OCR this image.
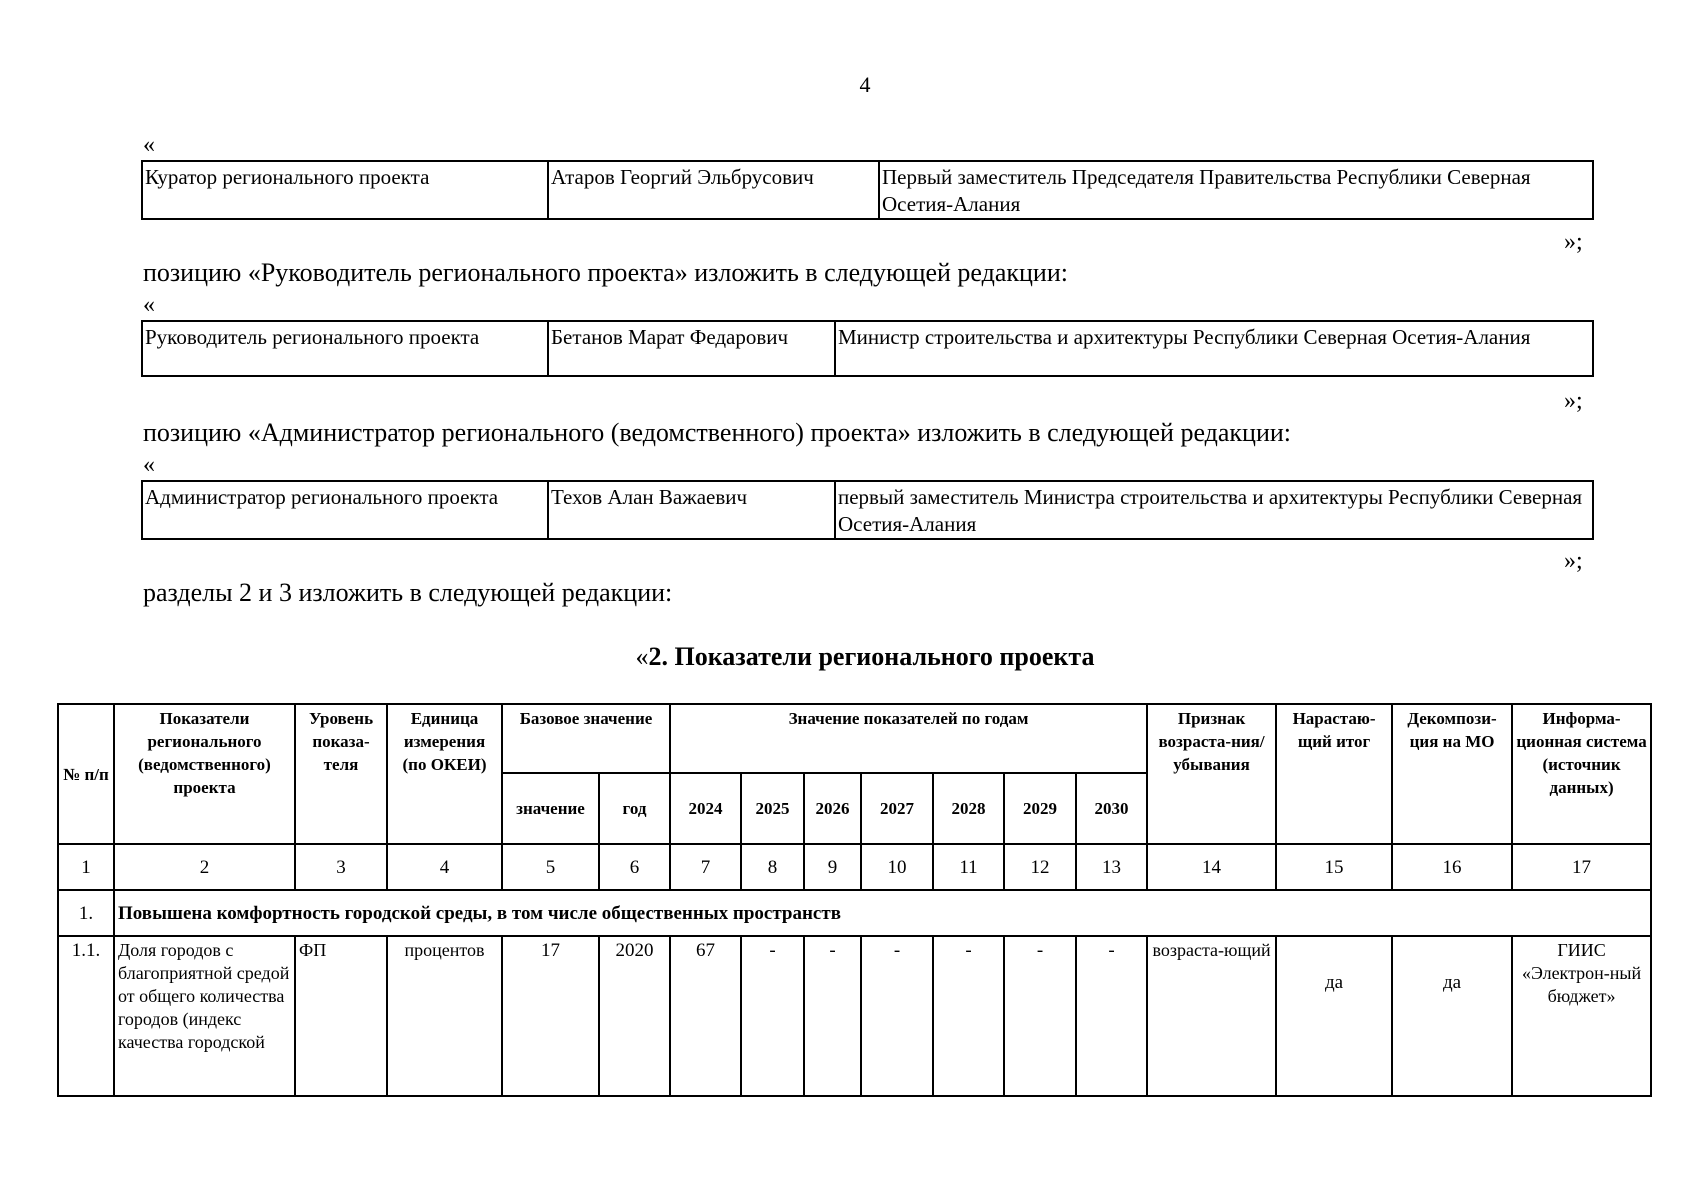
4
«
Куратор регионального проекта	Атаров Георгий Эльбрусович	Первый заместитель Председателя Правительства Республики Северная Осетия-Алания
»;
позицию «Руководитель регионального проекта» изложить в следующей редакции:
«
Руководитель регионального проекта	Бетанов Марат Федарович	Министр строительства и архитектуры Республики Северная Осетия-Алания
»;
позицию «Администратор регионального (ведомственного) проекта» изложить в следующей редакции:
«
Администратор регионального проекта	Техов Алан Важаевич	первый заместитель Министра строительства и архитектуры Республики Северная Осетия-Алания
»;
разделы 2 и 3 изложить в следующей редакции:
«2. Показатели регионального проекта
№ п/п	Показатели регионального (ведомственного) проекта	Уровень показа-теля	Единица измерения (по ОКЕИ)	Базовое значение		Значение показателей по годам							Признак возраста-ния/ убывания	Нарастаю-щий итог	Декомпози-ция на МО	Информа-ционная система (источник данных)
				значение	год	2024	2025	2026	2027	2028	2029	2030				
1	2	3	4	5	6	7	8	9	10	11	12	13	14	15	16	17
1.	Повышена комфортность городской среды, в том числе общественных пространств															
1.1.	Доля городов с благоприятной средой от общего количества городов (индекс качества городской	ФП	процентов	17	2020	67	-	-	-	-	-	-	возраста-ющий	да	да	ГИИС «Электрон-ный бюджет»
